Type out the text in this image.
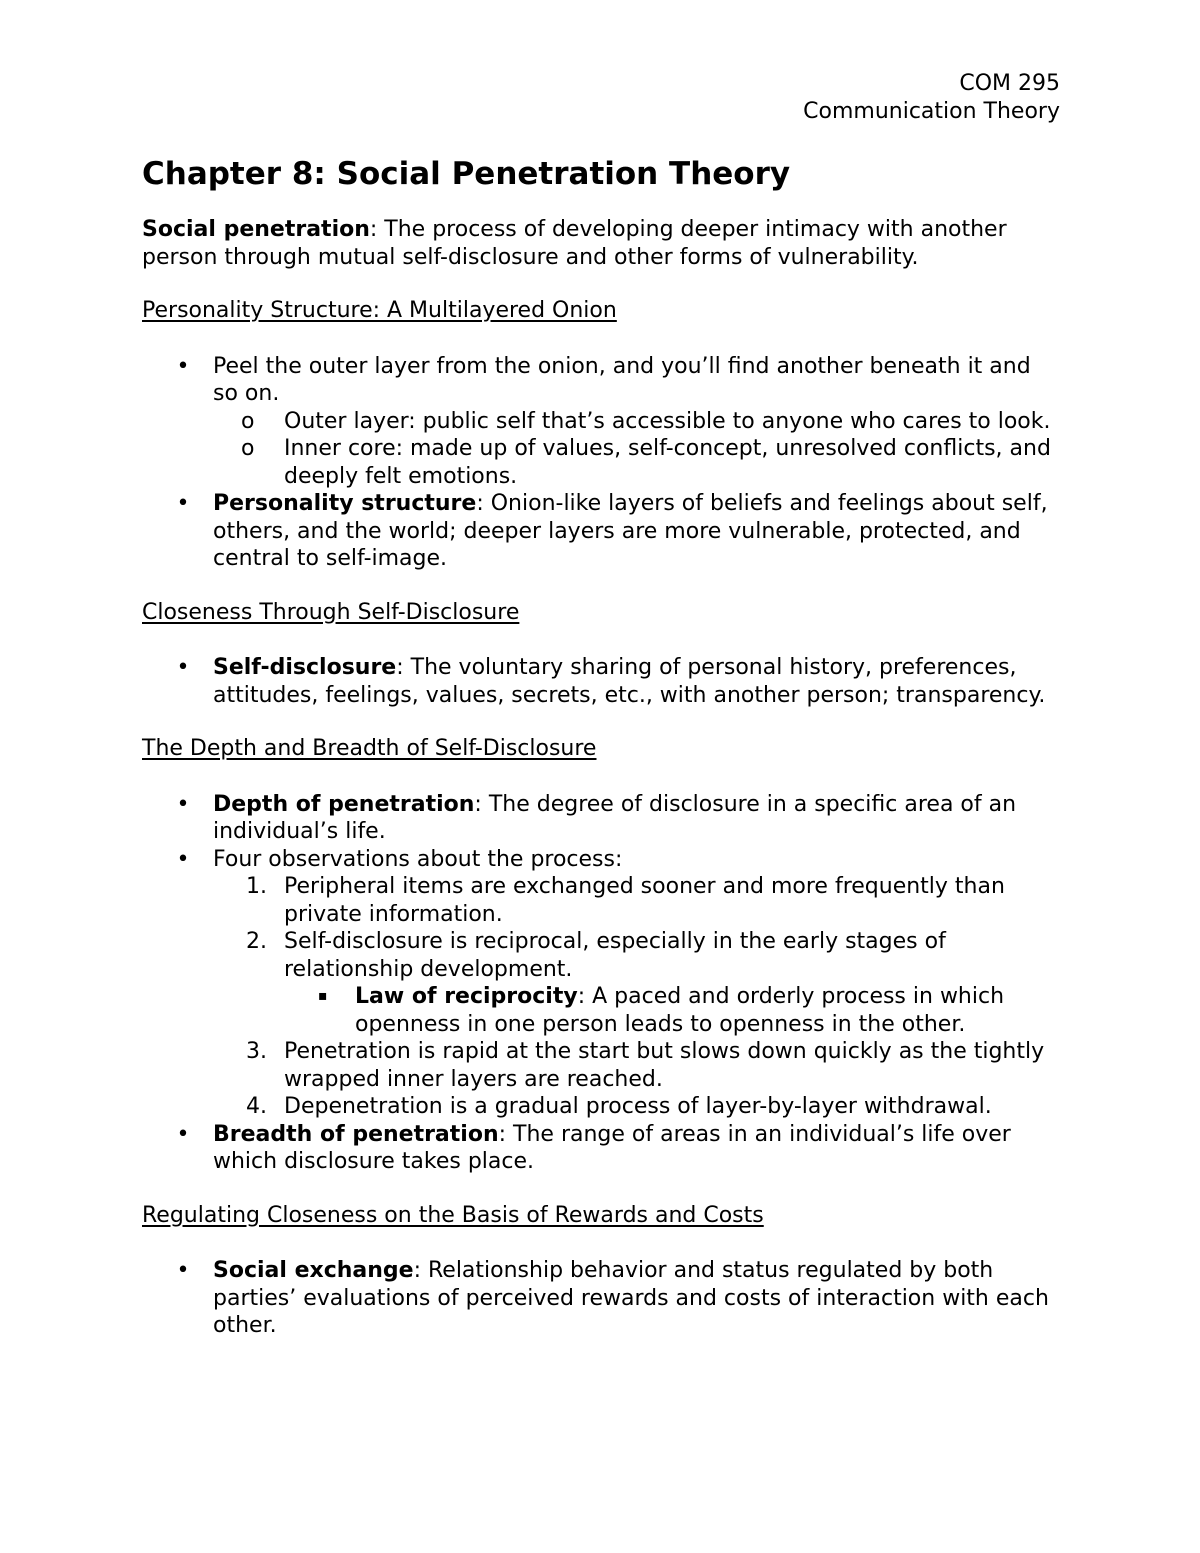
COM 295
Communication Theory
Chapter 8: Social Penetration Theory

Social penetration: The process of developing deeper intimacy with another person through mutual self-disclosure and other forms of vulnerability.

Personality Structure: A Multilayered Onion

• Peel the outer layer from the onion, and you’ll find another beneath it and so on.
o	Outer layer: public self that’s accessible to anyone who cares to look.
o	Inner core: made up of values, self-concept, unresolved conflicts, and deeply felt emotions.
• Personality structure: Onion-like layers of beliefs and feelings about self, others, and the world; deeper layers are more vulnerable, protected, and central to self-image.

Closeness Through Self-Disclosure

• Self-disclosure: The voluntary sharing of personal history, preferences, attitudes, feelings, values, secrets, etc., with another person; transparency.

The Depth and Breadth of Self-Disclosure

• Depth of penetration: The degree of disclosure in a specific area of an individual’s life.
• Four observations about the process:
1. Peripheral items are exchanged sooner and more frequently than private information.
2. Self-disclosure is reciprocal, especially in the early stages of relationship development.
▪ Law of reciprocity: A paced and orderly process in which openness in one person leads to openness in the other.
3. Penetration is rapid at the start but slows down quickly as the tightly wrapped inner layers are reached.
4. Depenetration is a gradual process of layer-by-layer withdrawal.
• Breadth of penetration: The range of areas in an individual’s life over which disclosure takes place.

Regulating Closeness on the Basis of Rewards and Costs

• Social exchange: Relationship behavior and status regulated by both parties’ evaluations of perceived rewards and costs of interaction with each other.
